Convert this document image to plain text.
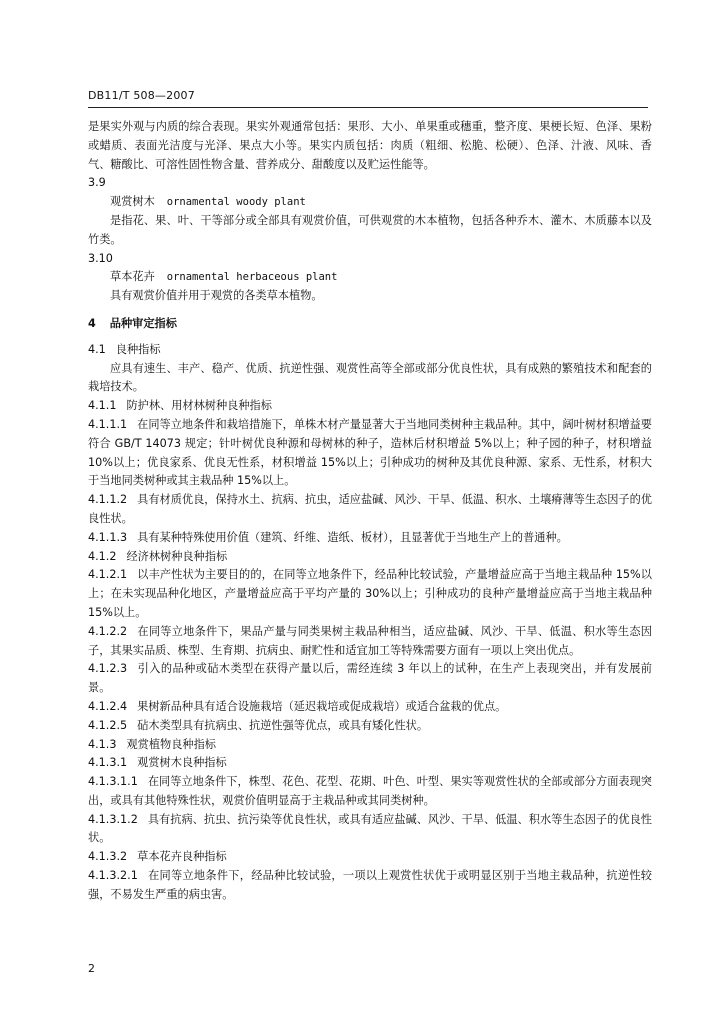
DB11/T 508—2007
是果实外观与内质的综合表现。果实外观通常包括：果形、大小、单果重或穗重，整齐度、果梗长短、色泽、果粉或蜡质、表面光洁度与光泽、果点大小等。果实内质包括：肉质（粗细、松脆、松硬）、色泽、汁液、风味、香气、糖酸比、可溶性固性物含量、营养成分、甜酸度以及贮运性能等。
3.9
观赏树木 ornamental woody plant
是指花、果、叶、干等部分或全部具有观赏价值，可供观赏的木本植物，包括各种乔木、灌木、木质藤本以及竹类。
3.10
草本花卉 ornamental herbaceous plant
具有观赏价值并用于观赏的各类草本植物。
4 品种审定指标
4.1 良种指标
应具有速生、丰产、稳产、优质、抗逆性强、观赏性高等全部或部分优良性状，具有成熟的繁殖技术和配套的栽培技术。
4.1.1 防护林、用材林树种良种指标
4.1.1.1 在同等立地条件和栽培措施下，单株木材产量显著大于当地同类树种主栽品种。其中，阔叶树材积增益要符合 GB/T 14073 规定；针叶树优良种源和母树林的种子，造林后材积增益 5%以上；种子园的种子，材积增益 10%以上；优良家系、优良无性系，材积增益 15%以上；引种成功的树种及其优良种源、家系、无性系，材积大于当地同类树种或其主栽品种 15%以上。
4.1.1.2 具有材质优良，保持水土、抗病、抗虫，适应盐碱、风沙、干旱、低温、积水、土壤瘠薄等生态因子的优良性状。
4.1.1.3 具有某种特殊使用价值（建筑、纤维、造纸、板材），且显著优于当地生产上的普通种。
4.1.2 经济林树种良种指标
4.1.2.1 以丰产性状为主要目的的，在同等立地条件下，经品种比较试验，产量增益应高于当地主栽品种 15%以上；在未实现品种化地区，产量增益应高于平均产量的 30%以上；引种成功的良种产量增益应高于当地主栽品种 15%以上。
4.1.2.2 在同等立地条件下，果品产量与同类果树主栽品种相当，适应盐碱、风沙、干旱、低温、积水等生态因子，其果实品质、株型、生育期、抗病虫、耐贮性和适宜加工等特殊需要方面有一项以上突出优点。
4.1.2.3 引入的品种或砧木类型在获得产量以后，需经连续 3 年以上的试种，在生产上表现突出，并有发展前景。
4.1.2.4 果树新品种具有适合设施栽培（延迟栽培或促成栽培）或适合盆栽的优点。
4.1.2.5 砧木类型具有抗病虫、抗逆性强等优点，或具有矮化性状。
4.1.3 观赏植物良种指标
4.1.3.1 观赏树木良种指标
4.1.3.1.1 在同等立地条件下，株型、花色、花型、花期、叶色、叶型、果实等观赏性状的全部或部分方面表现突出，或具有其他特殊性状，观赏价值明显高于主栽品种或其同类树种。
4.1.3.1.2 具有抗病、抗虫、抗污染等优良性状，或具有适应盐碱、风沙、干旱、低温、积水等生态因子的优良性状。
4.1.3.2 草本花卉良种指标
4.1.3.2.1 在同等立地条件下，经品种比较试验，一项以上观赏性状优于或明显区别于当地主栽品种，抗逆性较强，不易发生严重的病虫害。
2
